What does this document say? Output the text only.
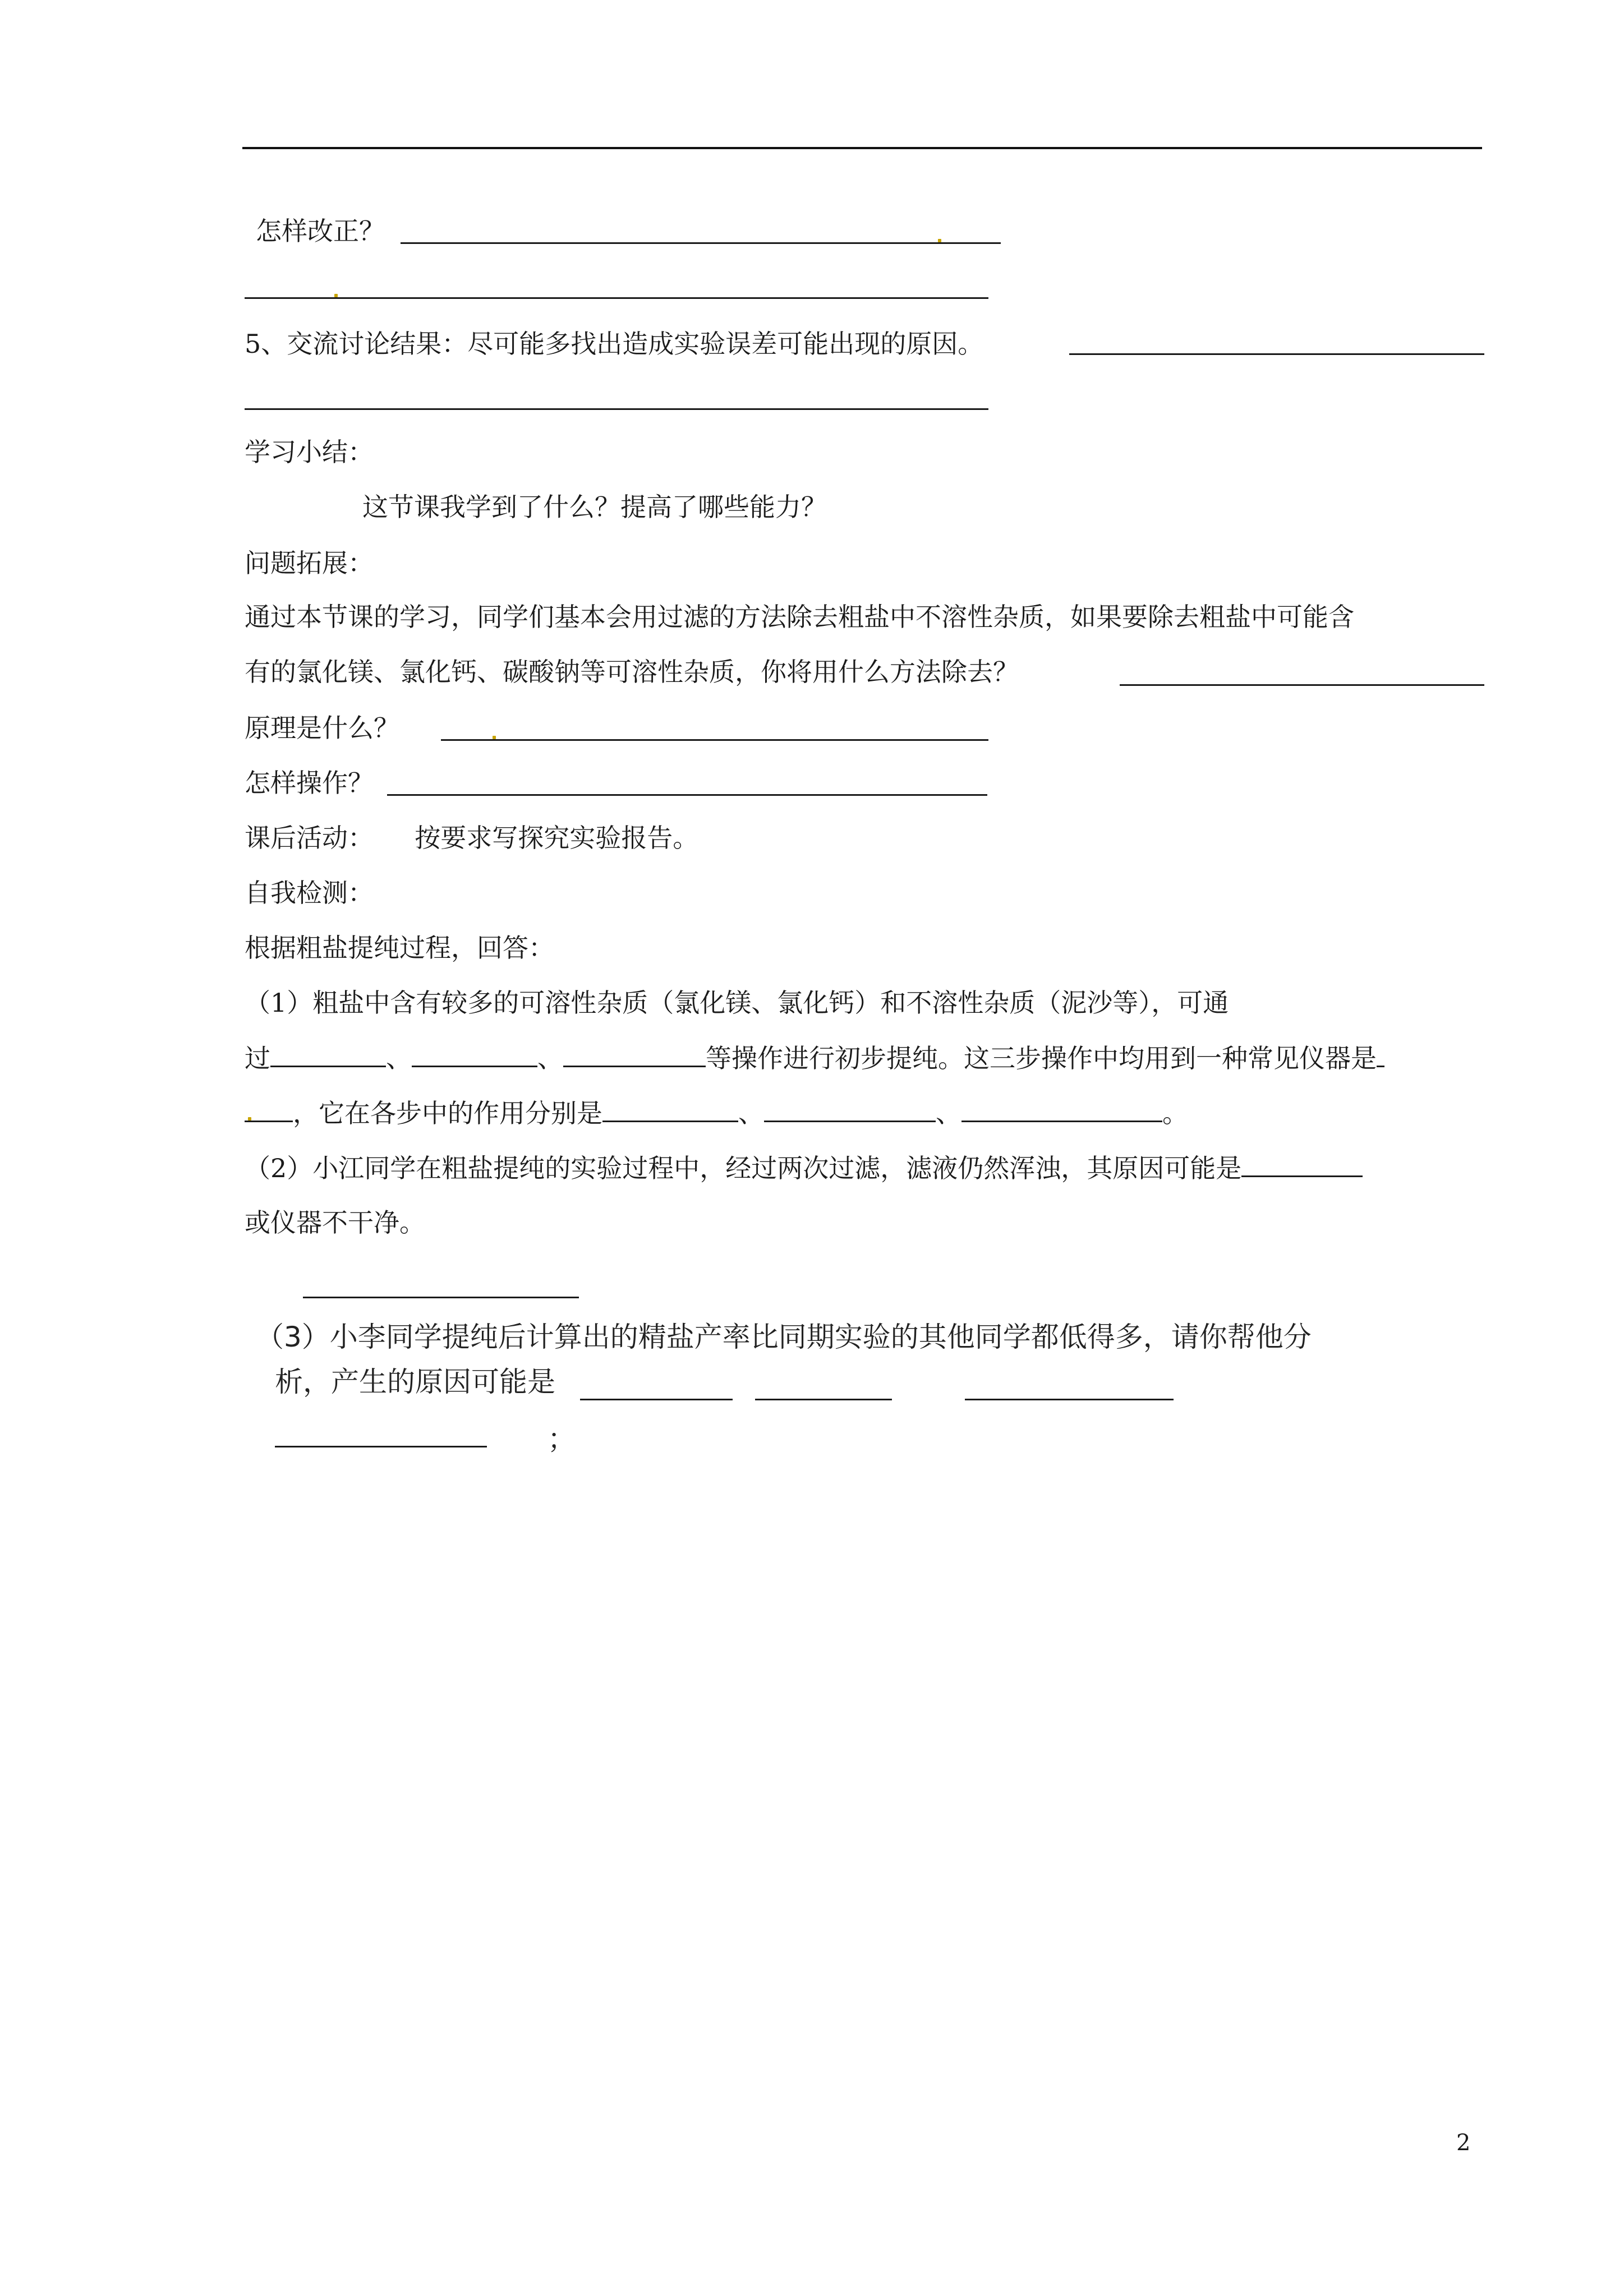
怎样改正？
5、交流讨论结果：尽可能多找出造成实验误差可能出现的原因。
学习小结：
这节课我学到了什么？提高了哪些能力？
问题拓展：
通过本节课的学习，同学们基本会用过滤的方法除去粗盐中不溶性杂质，如果要除去粗盐中可能含
有的氯化镁、氯化钙、碳酸钠等可溶性杂质，你将用什么方法除去？
原理是什么？
怎样操作？
课后活动： 按要求写探究实验报告。
自我检测：
根据粗盐提纯过程，回答：
（1）粗盐中含有较多的可溶性杂质（氯化镁、氯化钙）和不溶性杂质（泥沙等），可通
过	、	、	等操作进行初步提纯。这三步操作中均用到一种常见仪器是
，它在各步中的作用分别是	、	、	。
（2）小江同学在粗盐提纯的实验过程中，经过两次过滤，滤液仍然浑浊，其原因可能是
或仪器不干净。
（3）小李同学提纯后计算出的精盐产率比同期实验的其他同学都低得多，请你帮他分
析，产生的原因可能是
；
2
